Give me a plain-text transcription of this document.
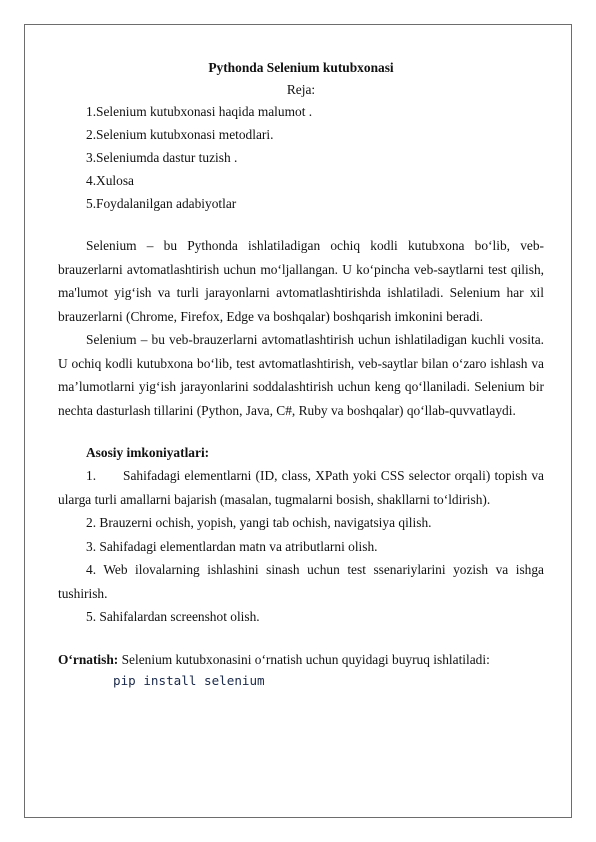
Pythonda Selenium kutubxonasi

Reja:

1.Selenium kutubxonasi haqida malumot .
2.Selenium kutubxonasi metodlari.
3.Seleniumda dastur tuzish .
4.Xulosa
5.Foydalanilgan adabiyotlar

Selenium – bu Pythonda ishlatiladigan ochiq kodli kutubxona bo‘lib, veb-brauzerlarni avtomatlashtirish uchun mo‘ljallangan. U ko‘pincha veb-saytlarni test qilish, ma'lumot yig‘ish va turli jarayonlarni avtomatlashtirishda ishlatiladi. Selenium har xil brauzerlarni (Chrome, Firefox, Edge va boshqalar) boshqarish imkonini beradi.

Selenium – bu veb-brauzerlarni avtomatlashtirish uchun ishlatiladigan kuchli vosita. U ochiq kodli kutubxona bo‘lib, test avtomatlashtirish, veb-saytlar bilan o‘zaro ishlash va ma’lumotlarni yig‘ish jarayonlarini soddalashtirish uchun keng qo‘llaniladi. Selenium bir nechta dasturlash tillarini (Python, Java, C#, Ruby va boshqalar) qo‘llab-quvvatlaydi.

Asosiy imkoniyatlari:

1. Sahifadagi elementlarni (ID, class, XPath yoki CSS selector orqali) topish va ularga turli amallarni bajarish (masalan, tugmalarni bosish, shakllarni to‘ldirish).

2. Brauzerni ochish, yopish, yangi tab ochish, navigatsiya qilish.

3. Sahifadagi elementlardan matn va atributlarni olish.

4. Web ilovalarning ishlashini sinash uchun test ssenariylarini yozish va ishga tushirish.

5. Sahifalardan screenshot olish.

O‘rnatish: Selenium kutubxonasini o‘rnatish uchun quyidagi buyruq ishlatiladi:

pip install selenium
